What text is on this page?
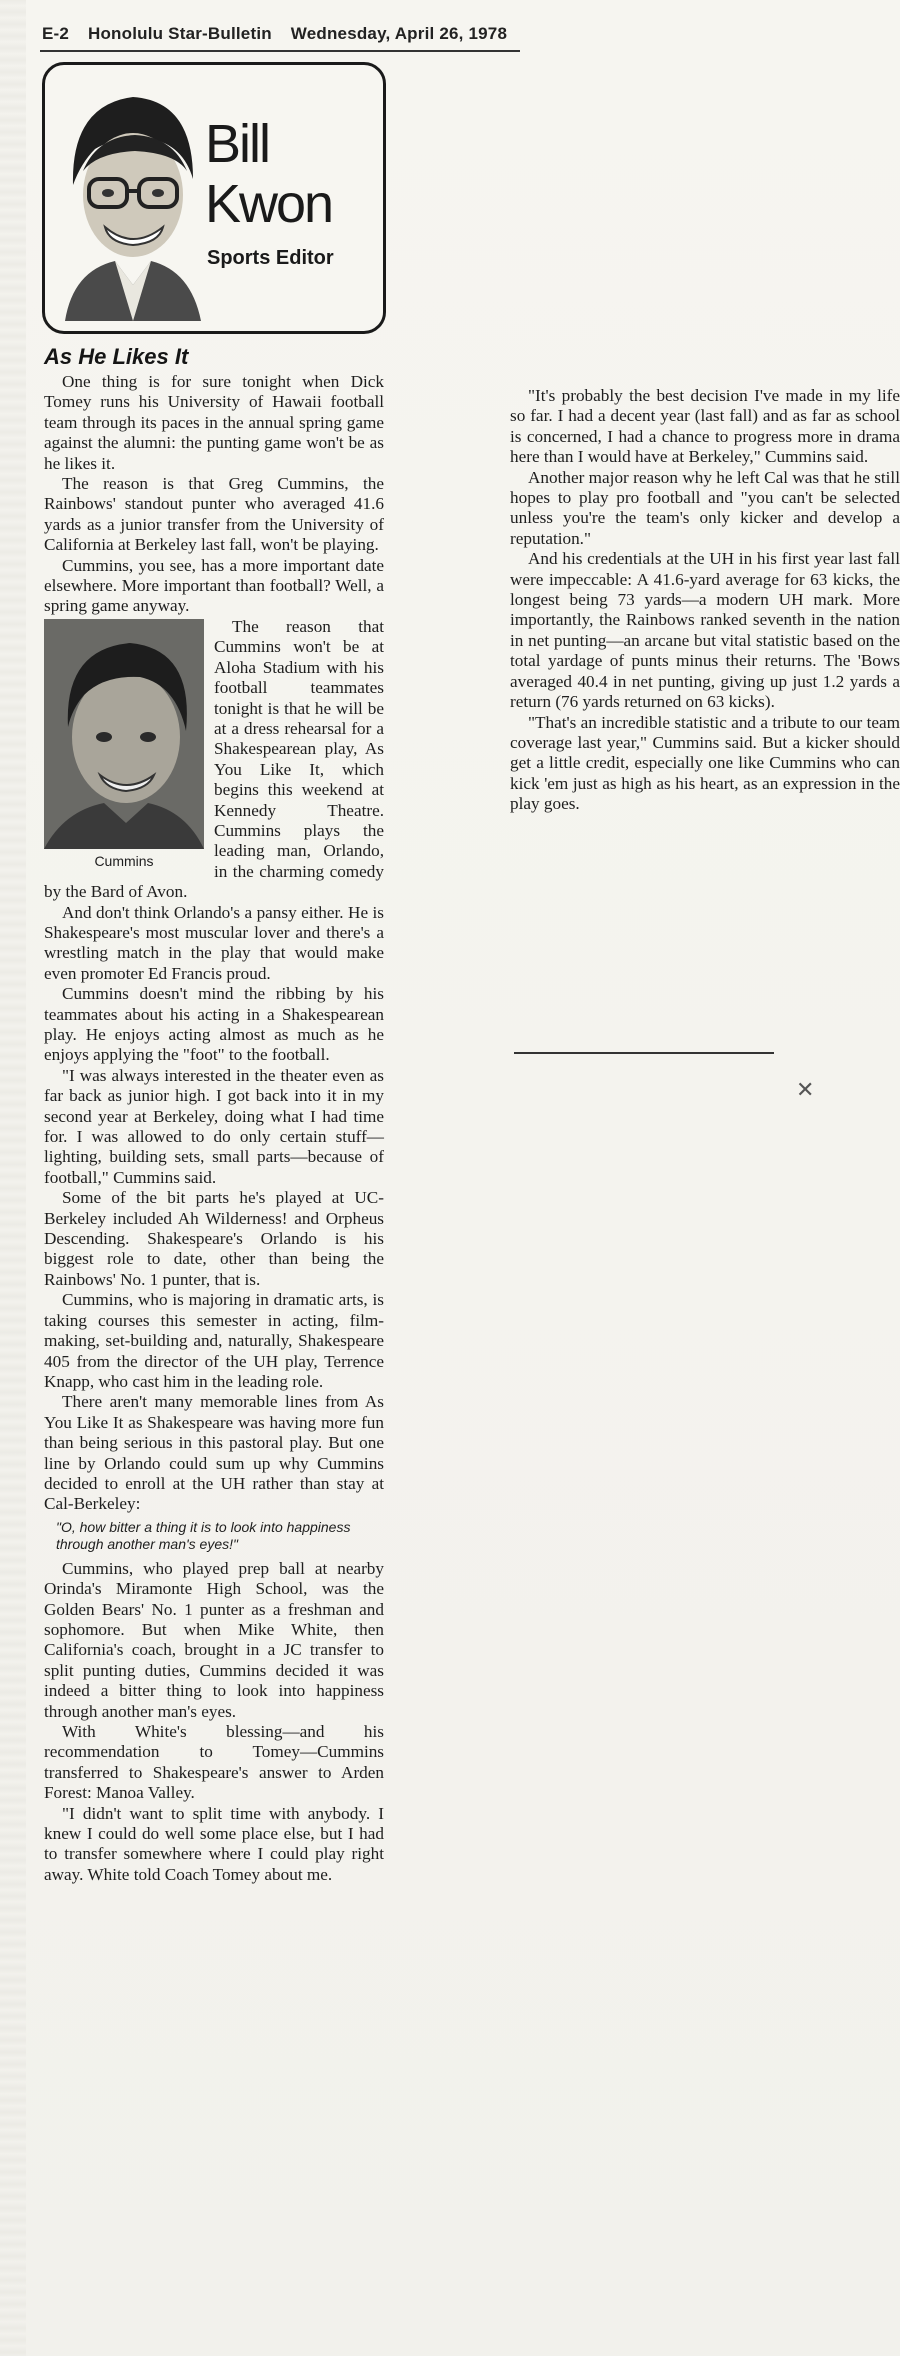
E-2 Honolulu Star-Bulletin Wednesday, April 26, 1978
Bill
Kwon
Sports Editor
As He Likes It

One thing is for sure tonight when Dick Tomey runs his University of Hawaii football team through its paces in the annual spring game against the alumni: the punting game won't be as he likes it.

The reason is that Greg Cummins, the Rainbows' standout punter who averaged 41.6 yards as a junior transfer from the University of California at Berkeley last fall, won't be playing.

Cummins, you see, has a more important date elsewhere. More important than football? Well, a spring game anyway.

Cummins

The reason that Cummins won't be at Aloha Stadium with his football teammates tonight is that he will be at a dress rehearsal for a Shakespearean play, As You Like It, which begins this weekend at Kennedy Theatre. Cummins plays the leading man, Orlando, in the charming comedy by the Bard of Avon.

And don't think Orlando's a pansy either. He is Shakespeare's most muscular lover and there's a wrestling match in the play that would make even promoter Ed Francis proud.

Cummins doesn't mind the ribbing by his teammates about his acting in a Shakespearean play. He enjoys acting almost as much as he enjoys applying the "foot" to the football.

"I was always interested in the theater even as far back as junior high. I got back into it in my second year at Berkeley, doing what I had time for. I was allowed to do only certain stuff—lighting, building sets, small parts—because of football," Cummins said.

Some of the bit parts he's played at UC-Berkeley included Ah Wilderness! and Orpheus Descending. Shakespeare's Orlando is his biggest role to date, other than being the Rainbows' No. 1 punter, that is.

Cummins, who is majoring in dramatic arts, is taking courses this semester in acting, film-making, set-building and, naturally, Shakespeare 405 from the director of the UH play, Terrence Knapp, who cast him in the leading role.

There aren't many memorable lines from As You Like It as Shakespeare was having more fun than being serious in this pastoral play. But one line by Orlando could sum up why Cummins decided to enroll at the UH rather than stay at Cal-Berkeley:

"O, how bitter a thing it is to look into happiness through another man's eyes!"

Cummins, who played prep ball at nearby Orinda's Miramonte High School, was the Golden Bears' No. 1 punter as a freshman and sophomore. But when Mike White, then California's coach, brought in a JC transfer to split punting duties, Cummins decided it was indeed a bitter thing to look into happiness through another man's eyes.

With White's blessing—and his recommendation to Tomey—Cummins transferred to Shakespeare's answer to Arden Forest: Manoa Valley.

"I didn't want to split time with anybody. I knew I could do well some place else, but I had to transfer somewhere where I could play right away. White told Coach Tomey about me.

"It's probably the best decision I've made in my life so far. I had a decent year (last fall) and as far as school is concerned, I had a chance to progress more in drama here than I would have at Berkeley," Cummins said.

Another major reason why he left Cal was that he still hopes to play pro football and "you can't be selected unless you're the team's only kicker and develop a reputation."

And his credentials at the UH in his first year last fall were impeccable: A 41.6-yard average for 63 kicks, the longest being 73 yards—a modern UH mark. More importantly, the Rainbows ranked seventh in the nation in net punting—an arcane but vital statistic based on the total yardage of punts minus their returns. The 'Bows averaged 40.4 in net punting, giving up just 1.2 yards a return (76 yards returned on 63 kicks).

"That's an incredible statistic and a tribute to our team coverage last year," Cummins said. But a kicker should get a little credit, especially one like Cummins who can kick 'em just as high as his heart, as an expression in the play goes.

✕
